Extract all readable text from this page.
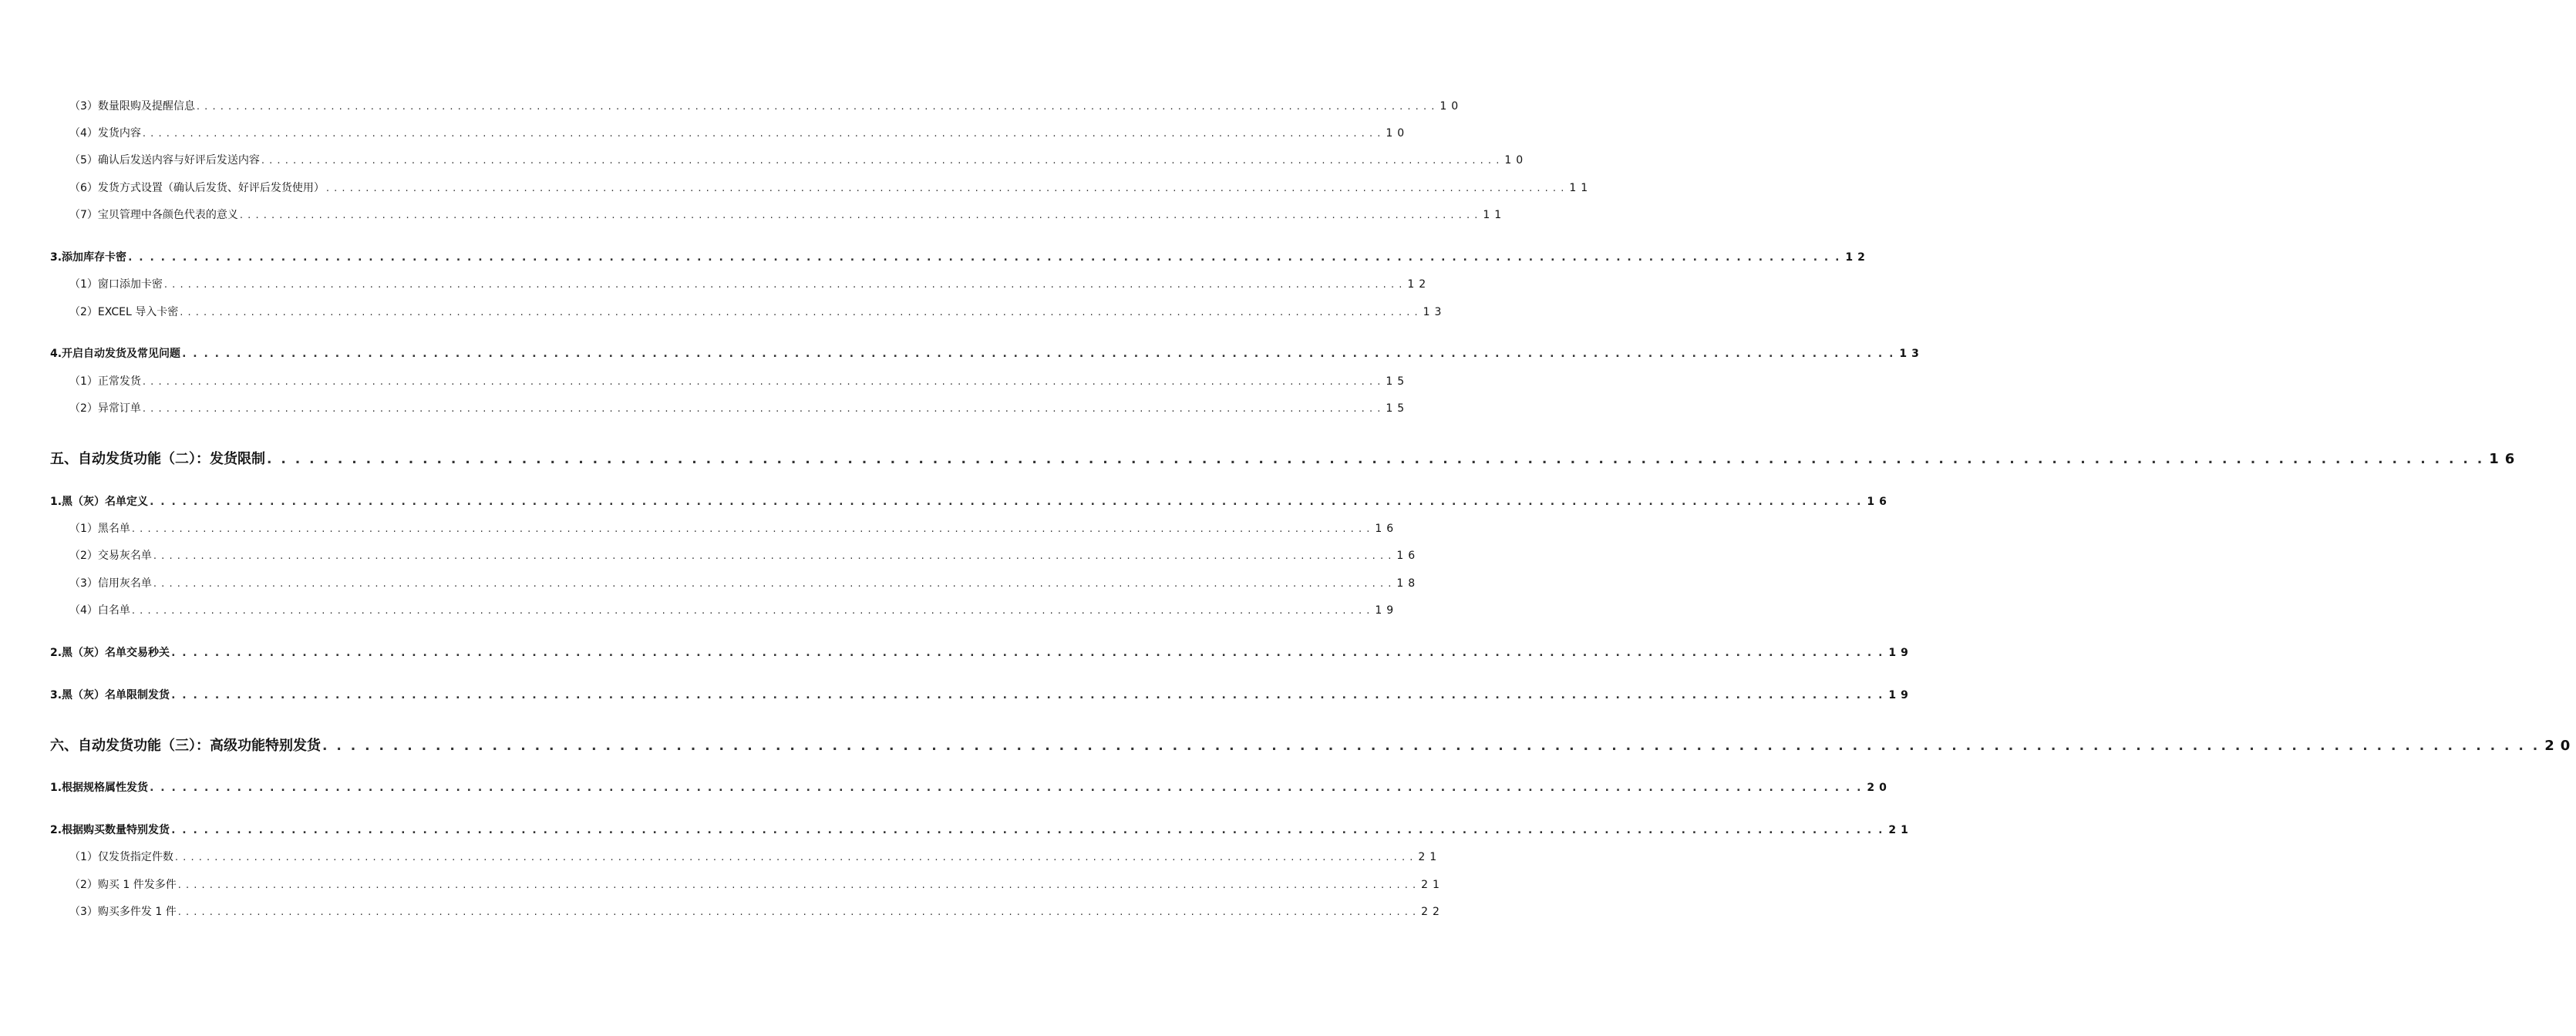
（3）数量限购及提醒信息 . . .	10
（4）发货内容 . . .	10
（5）确认后发送内容与好评后发送内容 . . .	10
（6）发货方式设置（确认后发货、好评后发货使用） . . .	11
（7）宝贝管理中各颜色代表的意义 . . .	11
3.添加库存卡密 . . .	12
（1）窗口添加卡密 . . .	12
（2）EXCEL 导入卡密 . . .	13
4.开启自动发货及常见问题 . . .	13
（1）正常发货 . . .	15
（2）异常订单 . . .	15
五、自动发货功能（二）：发货限制 . . .	16
1.黑（灰）名单定义 . . .	16
（1）黑名单 . . .	16
（2）交易灰名单 . . .	16
（3）信用灰名单 . . .	18
（4）白名单 . . .	19
2.黑（灰）名单交易秒关 . . .	19
3.黑（灰）名单限制发货 . . .	19
六、自动发货功能（三）：高级功能特别发货 . . .	20
1.根据规格属性发货 . . .	20
2.根据购买数量特别发货 . . .	21
（1）仅发货指定件数 . . .	21
（2）购买 1 件发多件 . . .	21
（3）购买多件发 1 件 . . .	22
